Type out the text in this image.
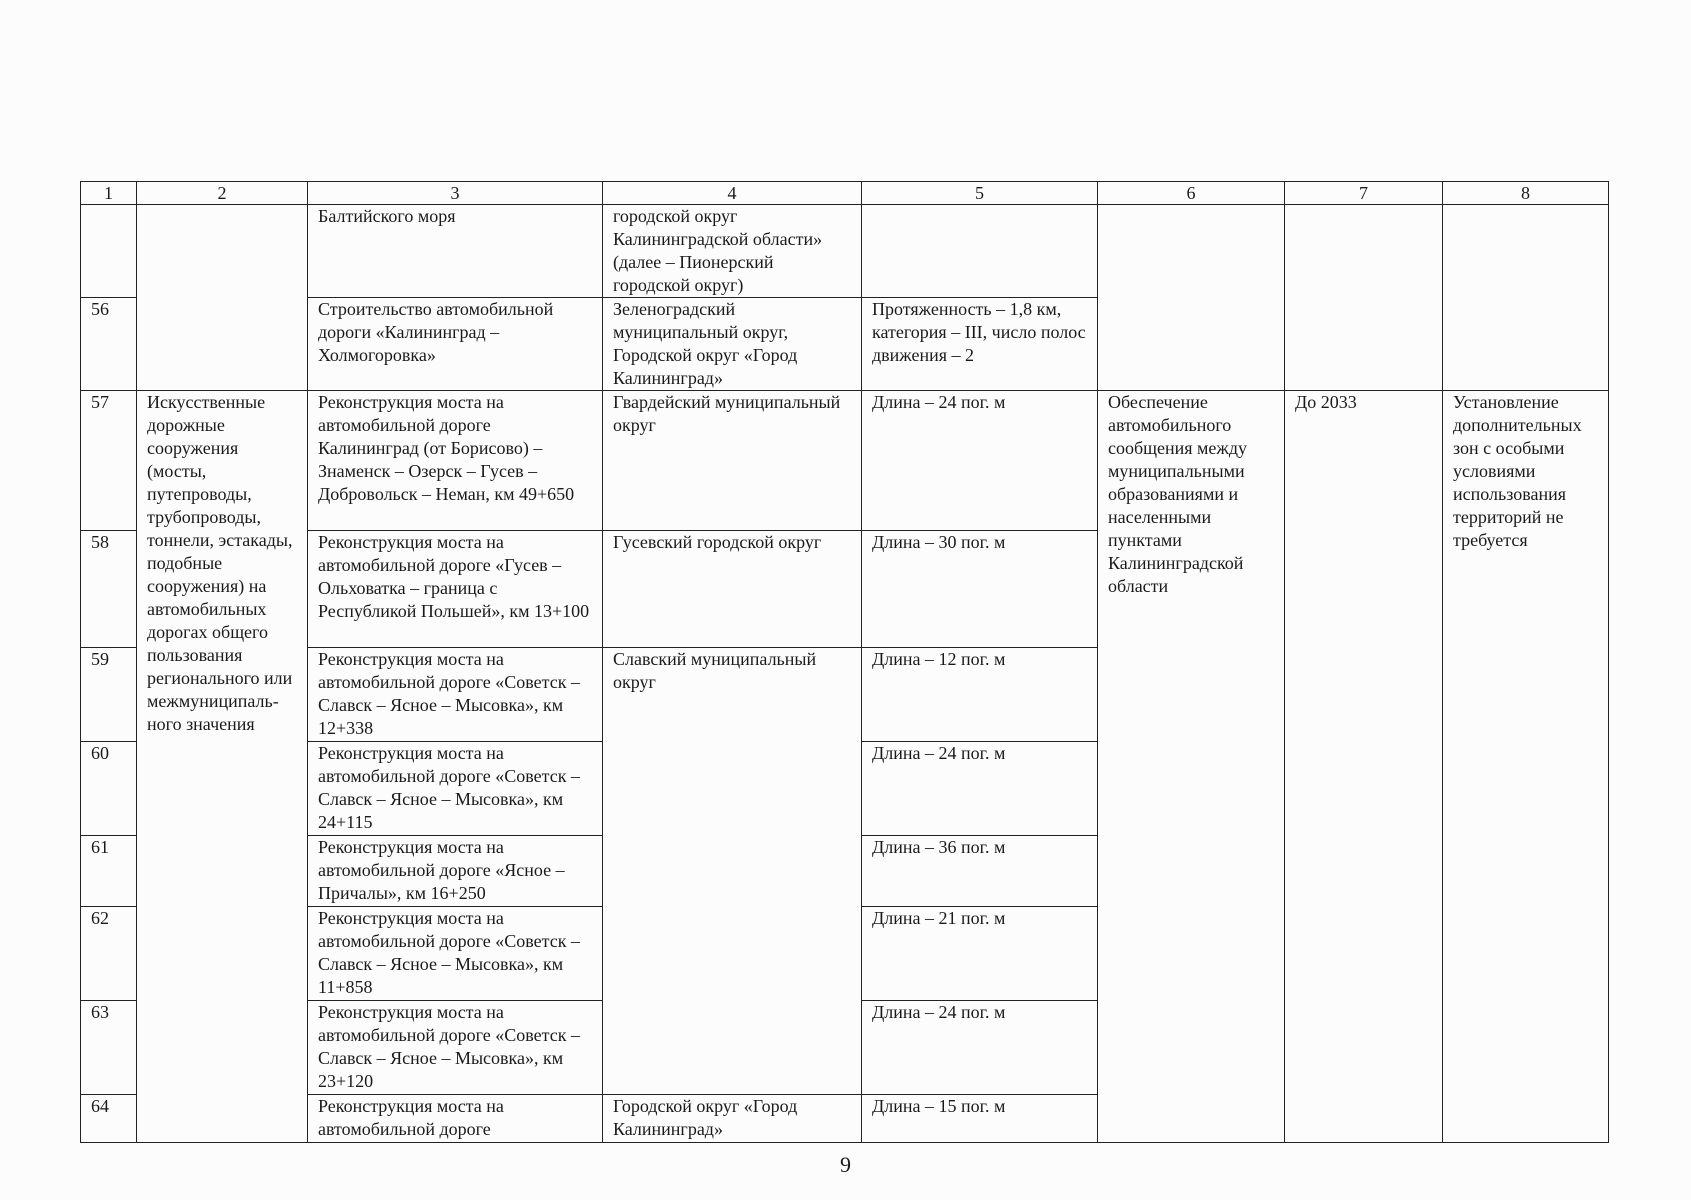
1	2	3	4	5	6	7	8
		Балтийского моря	городской округ Калининградской области» (далее – Пионерский городской округ)				
56		Строительство автомобильной дороги «Калининград – Холмогоровка»	Зеленоградский муниципальный округ, Городской округ «Город Калининград»	Протяженность – 1,8 км, категория – III, число полос движения – 2			
57	Искусственные дорожные сооружения (мосты, путепроводы, трубопроводы, тоннели, эстакады, подобные сооружения) на автомобильных дорогах общего пользования регионального или межмуниципаль-ного значения	Реконструкция моста на автомобильной дороге Калининград (от Борисово) – Знаменск – Озерск – Гусев – Добровольск – Неман, км 49+650	Гвардейский муниципальный округ	Длина – 24 пог. м	Обеспечение автомобильного сообщения между муниципальными образованиями и населенными пунктами Калининградской области	До 2033	Установление дополнительных зон с особыми условиями использования территорий не требуется
58		Реконструкция моста на автомобильной дороге «Гусев – Ольховатка – граница с Республикой Польшей», км 13+100	Гусевский городской округ	Длина – 30 пог. м			
59		Реконструкция моста на автомобильной дороге «Советск – Славск – Ясное – Мысовка», км 12+338	Славский муниципальный округ	Длина – 12 пог. м			
60		Реконструкция моста на автомобильной дороге «Советск – Славск – Ясное – Мысовка», км 24+115		Длина – 24 пог. м			
61		Реконструкция моста на автомобильной дороге «Ясное – Причалы», км 16+250		Длина – 36 пог. м			
62		Реконструкция моста на автомобильной дороге «Советск – Славск – Ясное – Мысовка», км 11+858		Длина – 21 пог. м			
63		Реконструкция моста на автомобильной дороге «Советск – Славск – Ясное – Мысовка», км 23+120		Длина – 24 пог. м			
64		Реконструкция моста на автомобильной дороге	Городской округ «Город Калининград»	Длина – 15 пог. м			
9
